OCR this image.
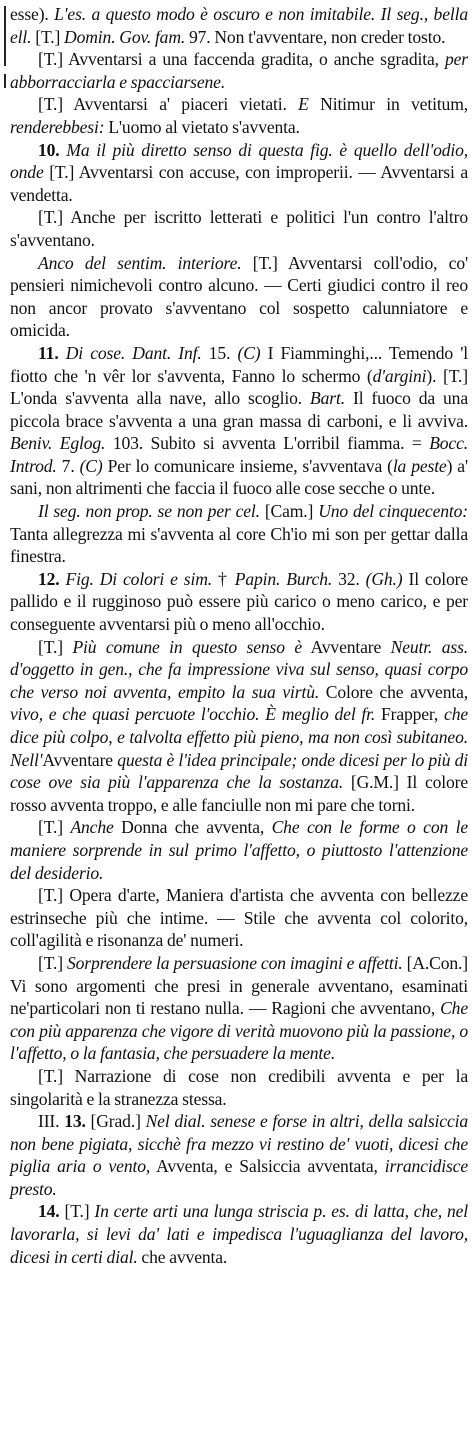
esse). L'es. a questo modo è oscuro e non imitabile. Il seg., bella ell. [T.] Domin. Gov. fam. 97. Non t'avventare, non creder tosto.

[T.] Avventarsi a una faccenda gradita, o anche sgradita, per abborracciarla e spacciarsene.

[T.] Avventarsi a' piaceri vietati. E Nitimur in vetitum, renderebbesi: L'uomo al vietato s'avventa.

10. Ma il più diretto senso di questa fig. è quello dell'odio, onde [T.] Avventarsi con accuse, con improperii. — Avventarsi a vendetta.

[T.] Anche per iscritto letterati e politici l'un contro l'altro s'avventano.

Anco del sentim. interiore. [T.] Avventarsi coll'odio, co' pensieri nimichevoli contro alcuno. — Certi giudici contro il reo non ancor provato s'avventano col sospetto calunniatore e omicida.

11. Di cose. Dant. Inf. 15. (C) I Fiamminghi,... Temendo 'l fiotto che 'n vêr lor s'avventa, Fanno lo schermo (d'argini). [T.] L'onda s'avventa alla nave, allo scoglio. Bart. Il fuoco da una piccola brace s'avventa a una gran massa di carboni, e li avviva. Beniv. Eglog. 103. Subito si avventa L'orribil fiamma. = Bocc. Introd. 7. (C) Per lo comunicare insieme, s'avventava (la peste) a' sani, non altrimenti che faccia il fuoco alle cose secche o unte.

Il seg. non prop. se non per cel. [Cam.] Uno del cinquecento: Tanta allegrezza mi s'avventa al core Ch'io mi son per gettar dalla finestra.

12. Fig. Di colori e sim. † Papin. Burch. 32. (Gh.) Il colore pallido e il rugginoso può essere più carico o meno carico, e per conseguente avventarsi più o meno all'occhio.

[T.] Più comune in questo senso è Avventare Neutr. ass. d'oggetto in gen., che fa impressione viva sul senso, quasi corpo che verso noi avventa, empito la sua virtù. Colore che avventa, vivo, e che quasi percuote l'occhio. È meglio del fr. Frapper, che dice più colpo, e talvolta effetto più pieno, ma non così subitaneo. Nell'Avventare questa è l'idea principale; onde dicesi per lo più di cose ove sia più l'apparenza che la sostanza. [G.M.] Il colore rosso avventa troppo, e alle fanciulle non mi pare che torni.

[T.] Anche Donna che avventa, Che con le forme o con le maniere sorprende in sul primo l'affetto, o piuttosto l'attenzione del desiderio.

[T.] Opera d'arte, Maniera d'artista che avventa con bellezze estrinseche più che intime. — Stile che avventa col colorito, coll'agilità e risonanza de' numeri.

[T.] Sorprendere la persuasione con imagini e affetti. [A.Con.] Vi sono argomenti che presi in generale avventano, esaminati ne'particolari non ti restano nulla. — Ragioni che avventano, Che con più apparenza che vigore di verità muovono più la passione, o l'affetto, o la fantasia, che persuadere la mente.

[T.] Narrazione di cose non credibili avventa e per la singolarità e la stranezza stessa.

III. 13. [Grad.] Nel dial. senese e forse in altri, della salsiccia non bene pigiata, sicchè fra mezzo vi restino de' vuoti, dicesi che piglia aria o vento, Avventa, e Salsiccia avventata, irrancidisce presto.

14. [T.] In certe arti una lunga striscia p. es. di latta, che, nel lavorarla, si levi da' lati e impedisca l'uguaglianza del lavoro, dicesi in certi dial. che avventa.
